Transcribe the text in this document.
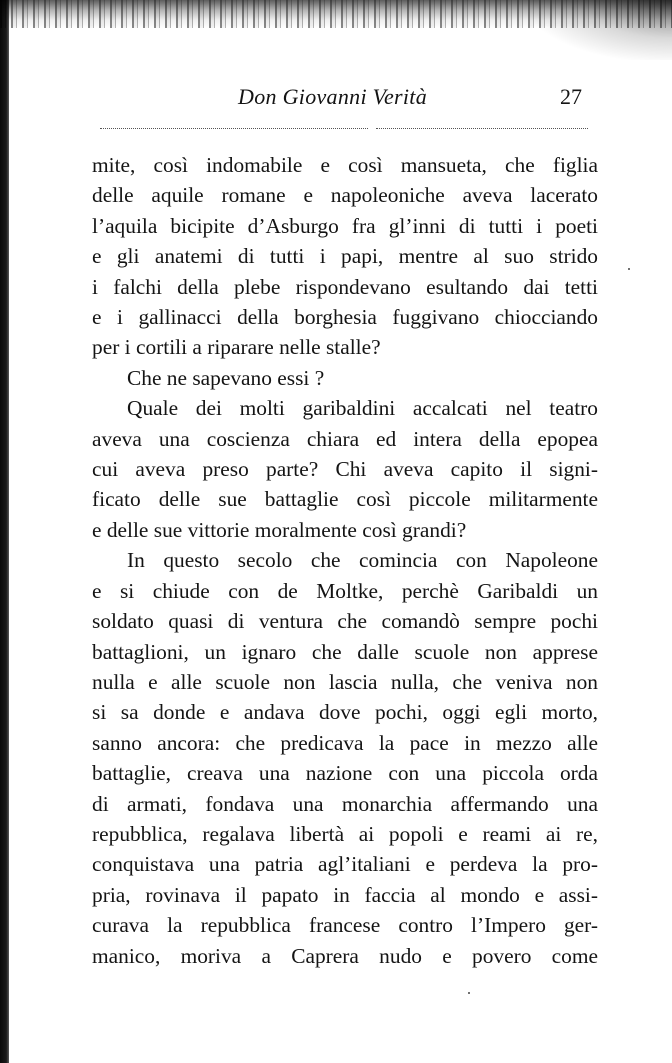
Don Giovanni Verità	27
mite, così indomabile e così mansueta, che figlia
delle aquile romane e napoleoniche aveva lacerato
l’aquila bicipite d’Asburgo fra gl’inni di tutti i poeti
e gli anatemi di tutti i papi, mentre al suo strido
i falchi della plebe rispondevano esultando dai tetti
e i gallinacci della borghesia fuggivano chiocciando
per i cortili a riparare nelle stalle?
Che ne sapevano essi ?
Quale dei molti garibaldini accalcati nel teatro
aveva una coscienza chiara ed intera della epopea
cui aveva preso parte? Chi aveva capito il signi-
ficato delle sue battaglie così piccole militarmente
e delle sue vittorie moralmente così grandi?
In questo secolo che comincia con Napoleone
e si chiude con de Moltke, perchè Garibaldi un
soldato quasi di ventura che comandò sempre pochi
battaglioni, un ignaro che dalle scuole non apprese
nulla e alle scuole non lascia nulla, che veniva non
si sa donde e andava dove pochi, oggi egli morto,
sanno ancora: che predicava la pace in mezzo alle
battaglie, creava una nazione con una piccola orda
di armati, fondava una monarchia affermando una
repubblica, regalava libertà ai popoli e reami ai re,
conquistava una patria agl’italiani e perdeva la pro-
pria, rovinava il papato in faccia al mondo e assi-
curava la repubblica francese contro l’Impero ger-
manico, moriva a Caprera nudo e povero come
